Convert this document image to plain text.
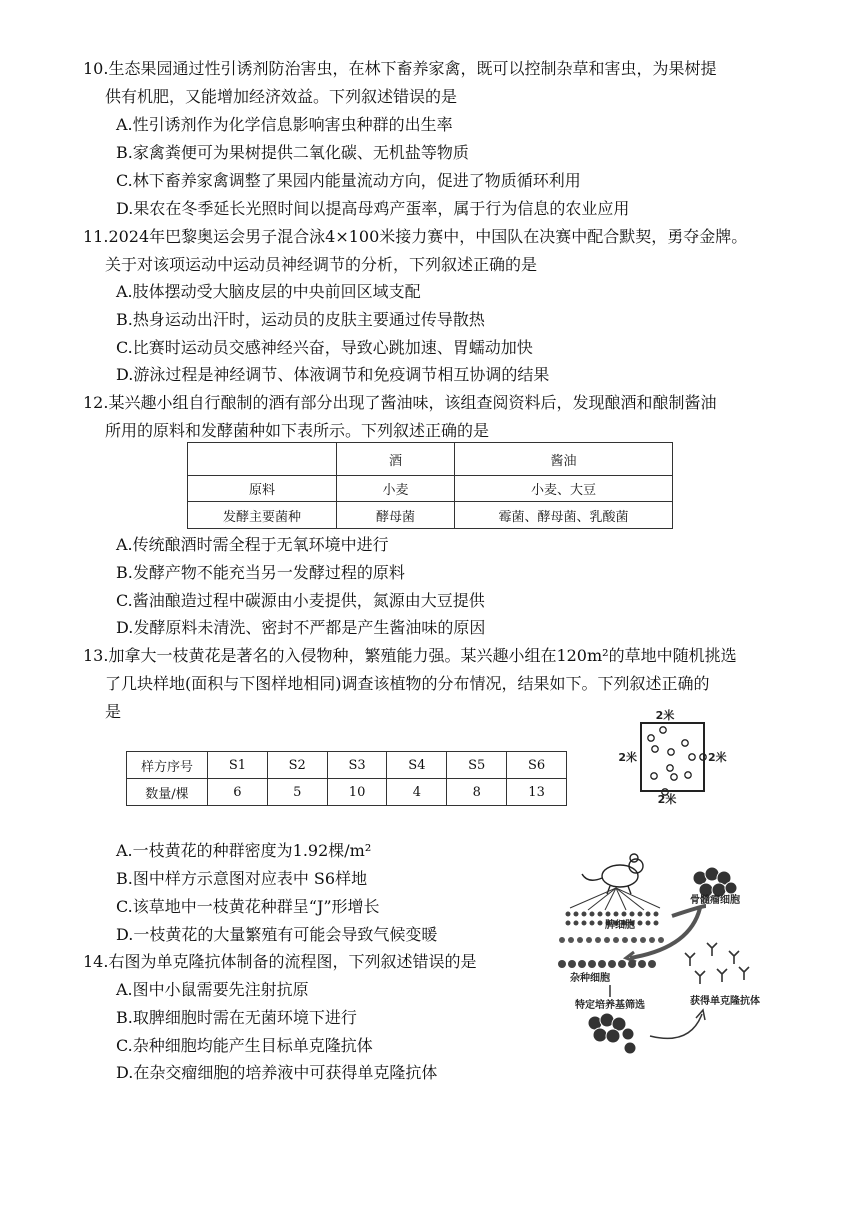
10.生态果园通过性引诱剂防治害虫，在林下畜养家禽，既可以控制杂草和害虫，为果树提
供有机肥，又能增加经济效益。下列叙述错误的是
A.性引诱剂作为化学信息影响害虫种群的出生率
B.家禽粪便可为果树提供二氧化碳、无机盐等物质
C.林下畜养家禽调整了果园内能量流动方向，促进了物质循环利用
D.果农在冬季延长光照时间以提高母鸡产蛋率，属于行为信息的农业应用
11.2024年巴黎奥运会男子混合泳4×100米接力赛中，中国队在决赛中配合默契，勇夺金牌。
关于对该项运动中运动员神经调节的分析，下列叙述正确的是
A.肢体摆动受大脑皮层的中央前回区域支配
B.热身运动出汗时，运动员的皮肤主要通过传导散热
C.比赛时运动员交感神经兴奋，导致心跳加速、胃蠕动加快
D.游泳过程是神经调节、体液调节和免疫调节相互协调的结果
12.某兴趣小组自行酿制的酒有部分出现了酱油味，该组查阅资料后，发现酿酒和酿制酱油
所用的原料和发酵菌种如下表所示。下列叙述正确的是
	酒	酱油
原料	小麦	小麦、大豆
发酵主要菌种	酵母菌	霉菌、酵母菌、乳酸菌
A.传统酿酒时需全程于无氧环境中进行
B.发酵产物不能充当另一发酵过程的原料
C.酱油酿造过程中碳源由小麦提供，氮源由大豆提供
D.发酵原料未清洗、密封不严都是产生酱油味的原因
13.加拿大一枝黄花是著名的入侵物种，繁殖能力强。某兴趣小组在120m²的草地中随机挑选
了几块样地(面积与下图样地相同)调查该植物的分布情况，结果如下。下列叙述正确的
是
样方序号	S1	S2	S3	S4	S5	S6
数量/棵	6	5	10	4	8	13
2米
2米	2米
2米
A.一枝黄花的种群密度为1.92棵/m²
B.图中样方示意图对应表中 S6样地
C.该草地中一枝黄花种群呈“J”形增长
D.一枝黄花的大量繁殖有可能会导致气候变暖
14.右图为单克隆抗体制备的流程图，下列叙述错误的是
A.图中小鼠需要先注射抗原
B.取脾细胞时需在无菌环境下进行
C.杂种细胞均能产生目标单克隆抗体
D.在杂交瘤细胞的培养液中可获得单克隆抗体
脾细胞
骨髓瘤细胞
杂种细胞
特定培养基筛选	获得单克隆抗体
